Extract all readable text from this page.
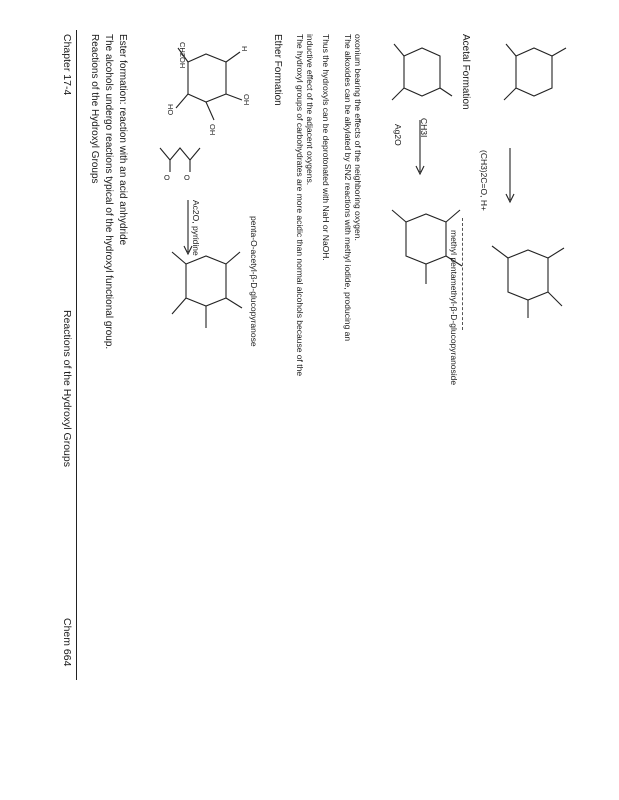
Chapter 17-4
Reactions of the Hydroxyl Groups
Chem 664
Reactions of the Hydroxyl Groups The alcohols undergo reactions typical of the hydroxyl functional group. Ester formation: reaction with an acid anhydride	CH2OH
HO
H
OH
OH
O O
Ac2O, pyridine	penta-O-acetyl-β-D-glucopyranose
Ether Formation The hydroxyl groups of carbohydrates are more acidic than normal alcohols because of the inductive effect of the adjacent oxygens. Thus the hydroxyls can be deprotonated with NaH or NaOH. The alkoxides can be alkylated by SN2 reactions with methyl iodide, producing an oxonium bearing the effects of the neighboring oxygen.	Ag2O CH3I
methyl pentamethyl-β-D-glucopyranoside
Acetal Formation
(CH3)2C=O, H+
